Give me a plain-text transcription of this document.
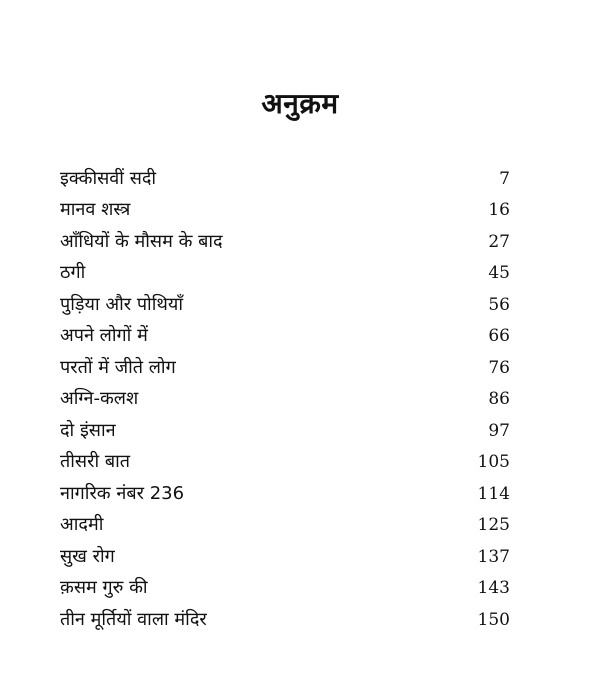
अनुक्रम
इक्कीसवीं सदी	7
मानव शस्त्र	16
आँधियों के मौसम के बाद	27
ठगी	45
पुड़िया और पोथियाँ	56
अपने लोगों में	66
परतों में जीते लोग	76
अग्नि-कलश	86
दो इंसान	97
तीसरी बात	105
नागरिक नंबर 236	114
आदमी	125
सुख रोग	137
क़सम गुरु की	143
तीन मूर्तियों वाला मंदिर	150
